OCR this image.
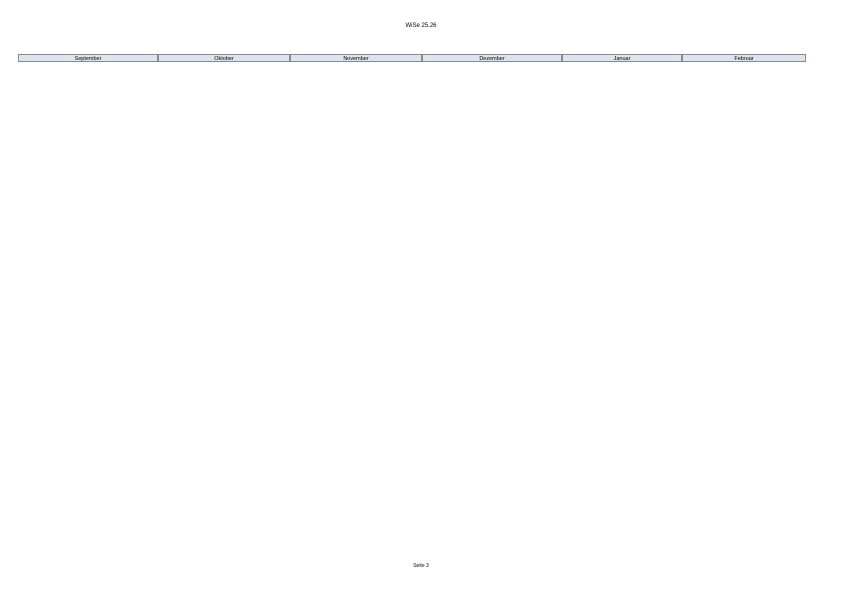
WiSe 25.26
September	Oktober	November	Dezember	Januar	Februar
Seite 3
